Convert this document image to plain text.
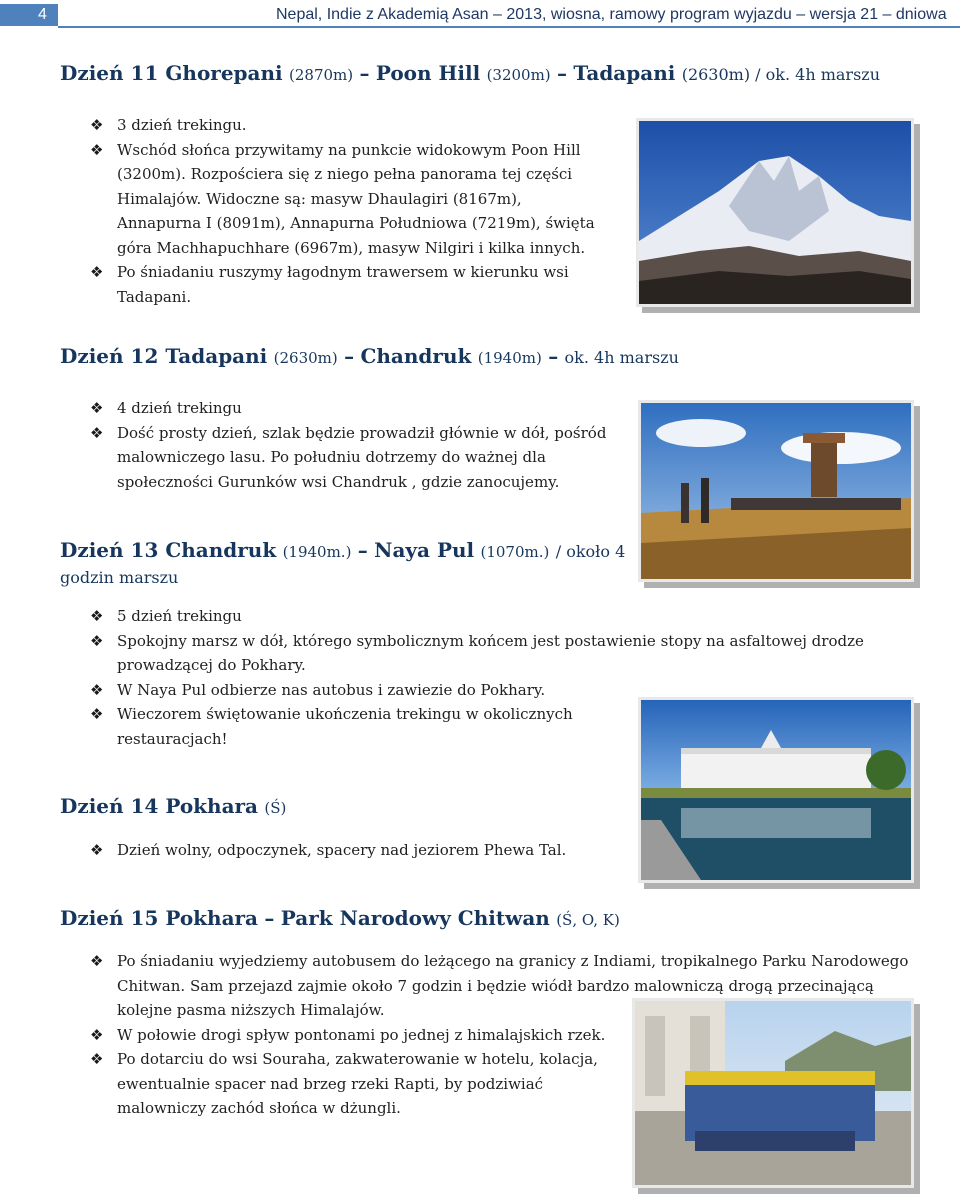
4	Nepal, Indie z Akademią Asan – 2013, wiosna, ramowy program wyjazdu – wersja 21 – dniowa
Dzień 11 Ghorepani (2870m) – Poon Hill (3200m) – Tadapani (2630m) / ok. 4h marszu
❖ 3 dzień trekingu.
❖ Wschód słońca przywitamy na punkcie widokowym Poon Hill (3200m). Rozpościera się z niego pełna panorama tej części Himalajów. Widoczne są: masyw Dhaulagiri (8167m), Annapurna I (8091m), Annapurna Południowa (7219m), święta góra Machhapuchhare (6967m), masyw Nilgiri i kilka innych.
❖ Po śniadaniu ruszymy łagodnym trawersem w kierunku wsi Tadapani.
Dzień 12 Tadapani (2630m) – Chandruk (1940m) – ok. 4h marszu
❖ 4 dzień trekingu
❖ Dość prosty dzień, szlak będzie prowadził głównie w dół, pośród malowniczego lasu. Po południu dotrzemy do ważnej dla społeczności Gurunków wsi Chandruk , gdzie zanocujemy.
Dzień 13 Chandruk (1940m.) – Naya Pul (1070m.) / około 4
godzin marszu
❖ 5 dzień trekingu
❖ Spokojny marsz w dół, którego symbolicznym końcem jest postawienie stopy na asfaltowej drodze prowadzącej do Pokhary.
❖ W Naya Pul odbierze nas autobus i zawiezie do Pokhary.
❖ Wieczorem świętowanie ukończenia trekingu w okolicznych restauracjach!
Dzień 14 Pokhara (Ś)
❖ Dzień wolny, odpoczynek, spacery nad jeziorem Phewa Tal.
Dzień 15 Pokhara – Park Narodowy Chitwan (Ś, O, K)
❖ Po śniadaniu wyjedziemy autobusem do leżącego na granicy z Indiami, tropikalnego Parku Narodowego Chitwan. Sam przejazd zajmie około 7 godzin i będzie wiódł bardzo malowniczą drogą przecinającą kolejne pasma niższych Himalajów.
❖ W połowie drogi spływ pontonami po jednej z himalajskich rzek.
❖ Po dotarciu do wsi Souraha, zakwaterowanie w hotelu, kolacja, ewentualnie spacer nad brzeg rzeki Rapti, by podziwiać malowniczy zachód słońca w dżungli.
